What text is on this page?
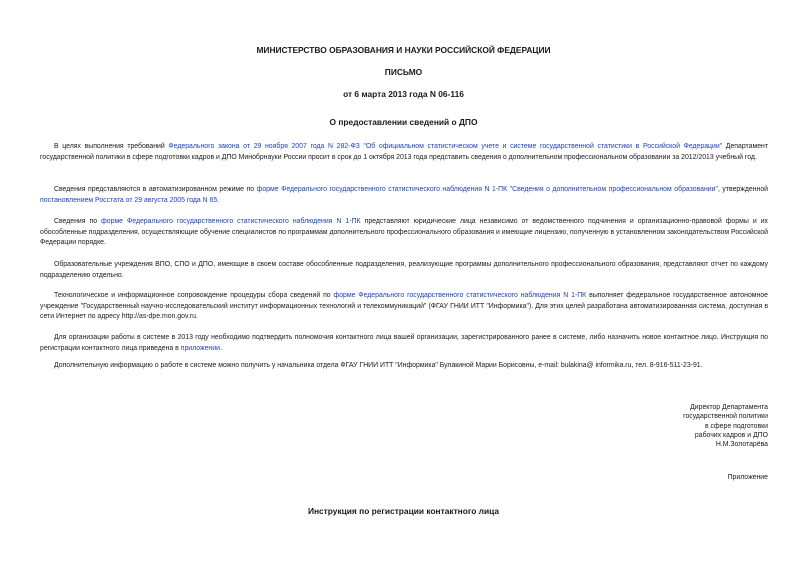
МИНИСТЕРСТВО ОБРАЗОВАНИЯ И НАУКИ РОССИЙСКОЙ ФЕДЕРАЦИИ
ПИСЬМО
от 6 марта 2013 года N 06-116
О предоставлении сведений о ДПО

В целях выполнения требований Федерального закона от 29 ноября 2007 года N 282-ФЗ "Об официальном статистическом учете и системе государственной статистики в Российской Федерации" Департамент государственной политики в сфере подготовки кадров и ДПО Минобрнауки России просит в срок до 1 октября 2013 года представить сведения о дополнительном профессиональном образовании за 2012/2013 учебный год.

Сведения представляются в автоматизированном режиме по форме Федерального государственного статистического наблюдения N 1-ПК "Сведения о дополнительном профессиональном образовании", утвержденной постановлением Росстата от 29 августа 2005 года N 65.

Сведения по форме Федерального государственного статистического наблюдения N 1-ПК представляют юридические лица независимо от ведомственного подчинения и организационно-правовой формы и их обособленные подразделения, осуществляющие обучение специалистов по программам дополнительного профессионального образования и имеющие лицензию, полученную в установленном законодательством Российской Федерации порядке.

Образовательные учреждения ВПО, СПО и ДПО, имеющие в своем составе обособленные подразделения, реализующие программы дополнительного профессионального образования, представляют отчет по каждому подразделению отдельно.

Технологическое и информационное сопровождение процедуры сбора сведений по форме Федерального государственного статистического наблюдения N 1-ПК выполняет федеральное государственное автономное учреждение "Государственный научно-исследовательский институт информационных технологий и телекоммуникаций" (ФГАУ ГНИИ ИТТ "Информика"). Для этих целей разработана автоматизированная система, доступная в сети Интернет по адресу http://as-dpe.mon.gov.ru.

Для организации работы в системе в 2013 году необходимо подтвердить полномочия контактного лица вашей организации, зарегистрированного ранее в системе, либо назначить новое контактное лицо. Инструкция по регистрации контактного лица приведена в приложении.

Дополнительную информацию о работе в системе можно получить у начальника отдела ФГАУ ГНИИ ИТТ "Информика" Булакиной Марии Борисовны, e-mail: bulakina@ informika.ru, тел. 8-916-511-23-91.

Директор Департамента
государственной политики
в сфере подготовки
рабочих кадров и ДПО
Н.М.Золотарёва
Приложение
Инструкция по регистрации контактного лица
